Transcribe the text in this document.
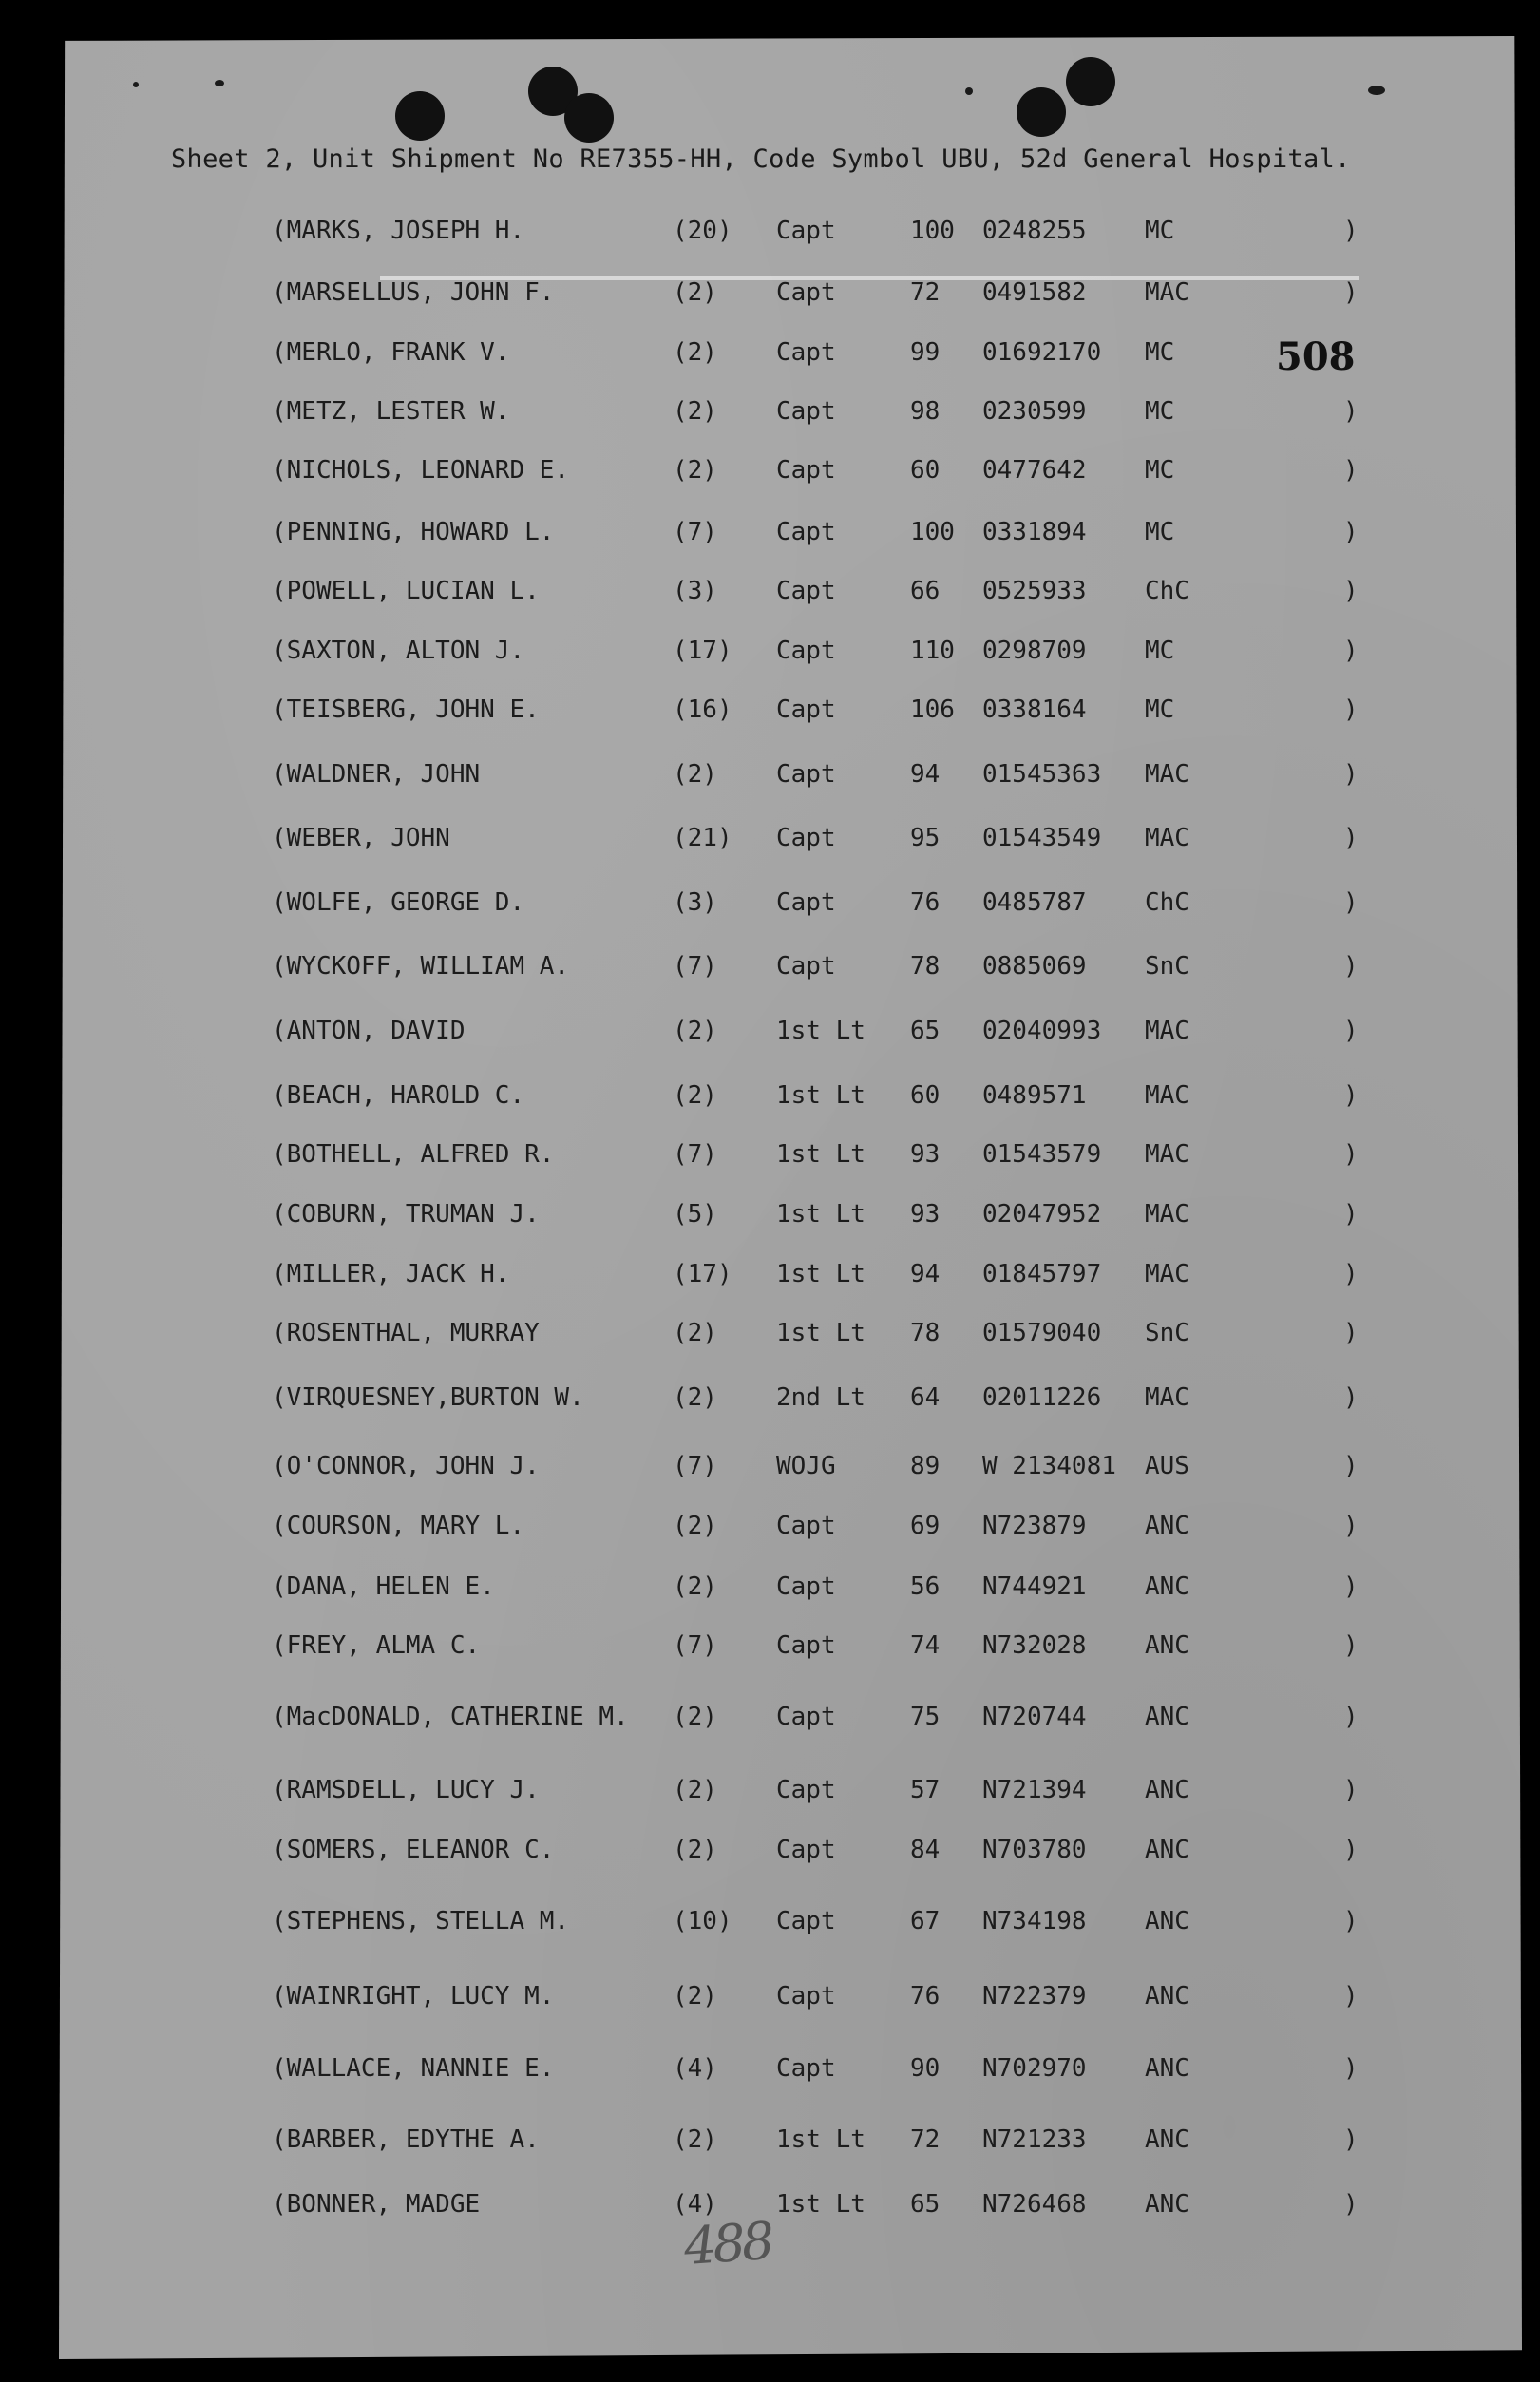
Sheet 2, Unit Shipment No RE7355-HH, Code Symbol UBU, 52d General Hospital.
508
(MARKS, JOSEPH H.	(20) Capt	100 0248255 MC	)
(MARSELLUS, JOHN F.	(2) Capt	72 0491582 MAC	)
(MERLO, FRANK V.	(2) Capt	99 01692170 MC
(METZ, LESTER W.	(2) Capt	98 0230599 MC	)
(NICHOLS, LEONARD E.	(2) Capt	60 0477642 MC	)
(PENNING, HOWARD L.	(7) Capt	100 0331894 MC	)
(POWELL, LUCIAN L.	(3) Capt	66 0525933 ChC	)
(SAXTON, ALTON J.	(17) Capt	110 0298709 MC	)
(TEISBERG, JOHN E.	(16) Capt	106 0338164 MC	)
(WALDNER, JOHN	(2) Capt	94 01545363 MAC	)
(WEBER, JOHN	(21) Capt	95 01543549 MAC	)
(WOLFE, GEORGE D.	(3) Capt	76 0485787 ChC	)
(WYCKOFF, WILLIAM A.	(7) Capt	78 0885069 SnC	)
(ANTON, DAVID	(2) 1st Lt 65 02040993 MAC	)
(BEACH, HAROLD C.	(2) 1st Lt 60 0489571 MAC	)
(BOTHELL, ALFRED R.	(7) 1st Lt 93 01543579 MAC	)
(COBURN, TRUMAN J.	(5) 1st Lt 93 02047952 MAC	)
(MILLER, JACK H.	(17) 1st Lt 94 01845797 MAC	)
(ROSENTHAL, MURRAY	(2) 1st Lt 78 01579040 SnC	)
(VIRQUESNEY,BURTON W.	(2) 2nd Lt 64 02011226 MAC	)
(O'CONNOR, JOHN J.	(7) WOJG	89 W 2134081 AUS	)
(COURSON, MARY L.	(2) Capt	69 N723879 ANC	)
(DANA, HELEN E.	(2) Capt	56 N744921 ANC	)
(FREY, ALMA C.	(7) Capt	74 N732028 ANC	)
(MacDONALD, CATHERINE M. (2) Capt	75 N720744 ANC	)
(RAMSDELL, LUCY J.	(2) Capt	57 N721394 ANC	)
(SOMERS, ELEANOR C.	(2) Capt	84 N703780 ANC	)
(STEPHENS, STELLA M.	(10) Capt	67 N734198 ANC	)
(WAINRIGHT, LUCY M.	(2) Capt	76 N722379 ANC	)
(WALLACE, NANNIE E.	(4) Capt	90 N702970 ANC	)
(BARBER, EDYTHE A.	(2) 1st Lt 72 N721233 ANC	)
(BONNER, MADGE	(4) 1st Lt 65 N726468 ANC	)
488
